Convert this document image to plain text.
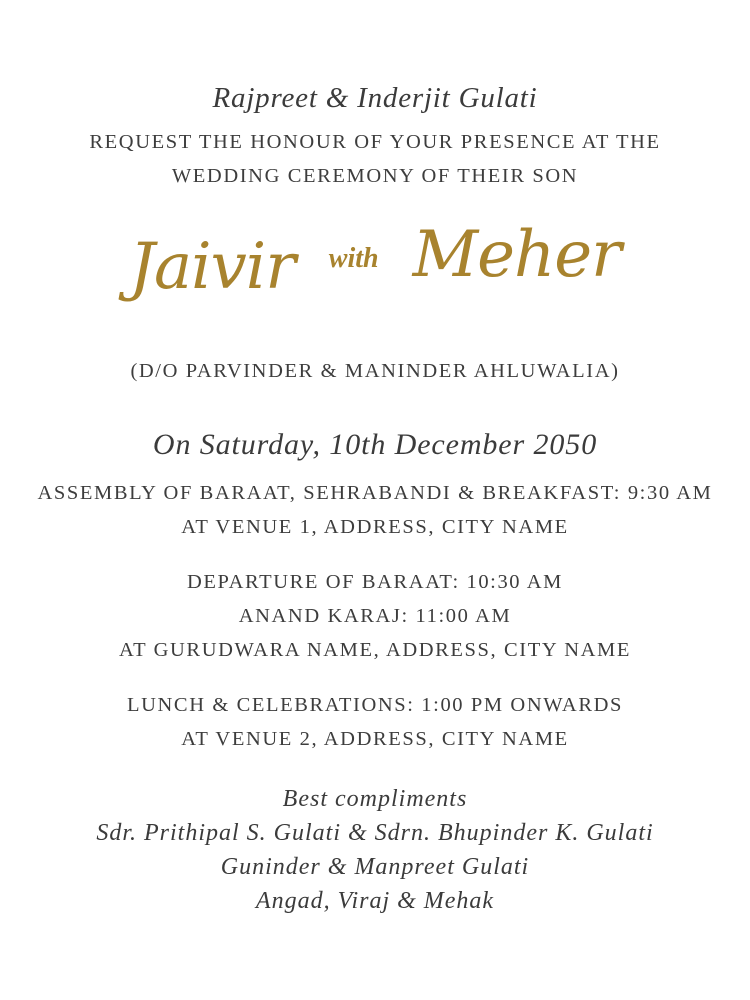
Rajpreet & Inderjit Gulati
REQUEST THE HONOUR OF YOUR PRESENCE AT THE
WEDDING CEREMONY OF THEIR SON
Jaivir with Meher
(D/O PARVINDER & MANINDER AHLUWALIA)
On Saturday, 10th December 2050
ASSEMBLY OF BARAAT, SEHRABANDI & BREAKFAST: 9:30 AM
AT VENUE 1, ADDRESS, CITY NAME
DEPARTURE OF BARAAT: 10:30 AM
ANAND KARAJ: 11:00 AM
AT GURUDWARA NAME, ADDRESS, CITY NAME
LUNCH & CELEBRATIONS: 1:00 PM ONWARDS
AT VENUE 2, ADDRESS, CITY NAME
Best compliments
Sdr. Prithipal S. Gulati & Sdrn. Bhupinder K. Gulati
Guninder & Manpreet Gulati
Angad, Viraj & Mehak
